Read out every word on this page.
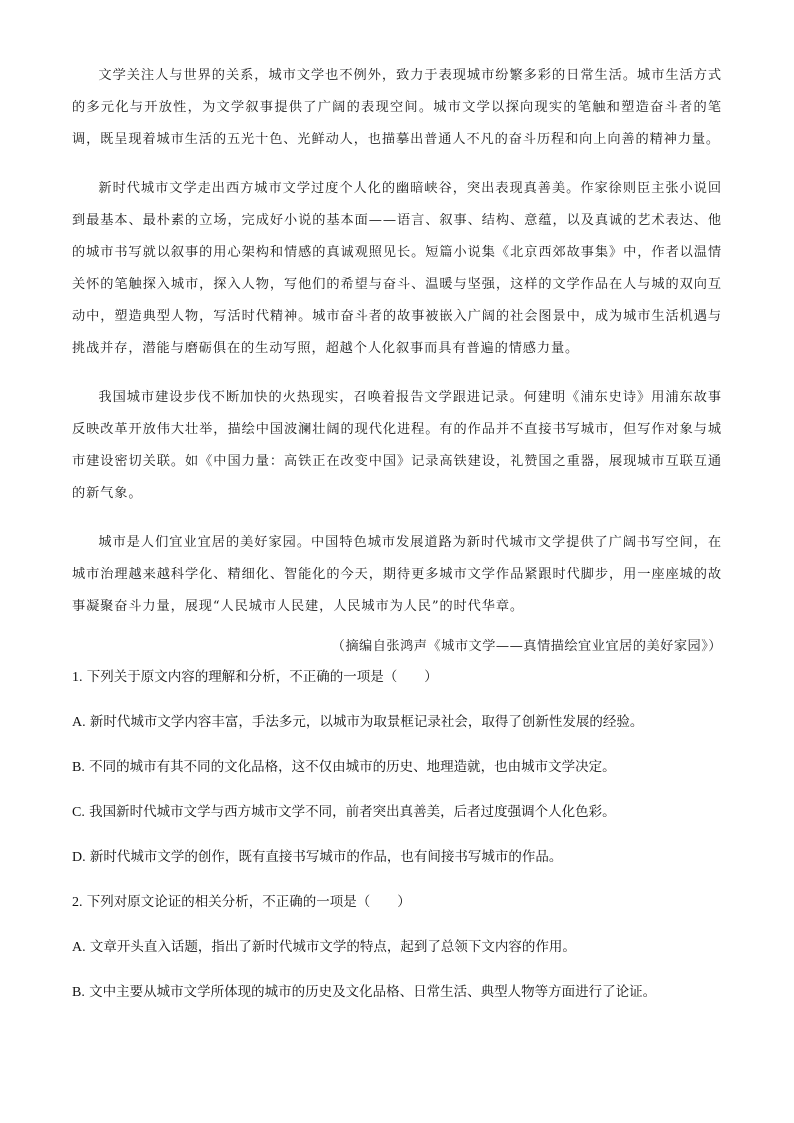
文学关注人与世界的关系，城市文学也不例外，致力于表现城市纷繁多彩的日常生活。城市生活方式的多元化与开放性，为文学叙事提供了广阔的表现空间。城市文学以探向现实的笔触和塑造奋斗者的笔调，既呈现着城市生活的五光十色、光鲜动人，也描摹出普通人不凡的奋斗历程和向上向善的精神力量。

新时代城市文学走出西方城市文学过度个人化的幽暗峡谷，突出表现真善美。作家徐则臣主张小说回到最基本、最朴素的立场，完成好小说的基本面——语言、叙事、结构、意蕴，以及真诚的艺术表达、他的城市书写就以叙事的用心架构和情感的真诚观照见长。短篇小说集《北京西郊故事集》中，作者以温情关怀的笔触探入城市，探入人物，写他们的希望与奋斗、温暖与坚强，这样的文学作品在人与城的双向互动中，塑造典型人物，写活时代精神。城市奋斗者的故事被嵌入广阔的社会图景中，成为城市生活机遇与挑战并存，潜能与磨砺俱在的生动写照，超越个人化叙事而具有普遍的情感力量。

我国城市建设步伐不断加快的火热现实，召唤着报告文学跟进记录。何建明《浦东史诗》用浦东故事反映改革开放伟大壮举，描绘中国波澜壮阔的现代化进程。有的作品并不直接书写城市，但写作对象与城市建设密切关联。如《中国力量：高铁正在改变中国》记录高铁建设，礼赞国之重器，展现城市互联互通的新气象。

城市是人们宜业宜居的美好家园。中国特色城市发展道路为新时代城市文学提供了广阔书写空间，在城市治理越来越科学化、精细化、智能化的今天，期待更多城市文学作品紧跟时代脚步，用一座座城的故事凝聚奋斗力量，展现“人民城市人民建，人民城市为人民”的时代华章。

（摘编自张鸿声《城市文学——真情描绘宜业宜居的美好家园》）

1. 下列关于原文内容的理解和分析，不正确的一项是（　　）
A. 新时代城市文学内容丰富，手法多元，以城市为取景框记录社会，取得了创新性发展的经验。
B. 不同的城市有其不同的文化品格，这不仅由城市的历史、地理造就，也由城市文学决定。
C. 我国新时代城市文学与西方城市文学不同，前者突出真善美，后者过度强调个人化色彩。
D. 新时代城市文学的创作，既有直接书写城市的作品，也有间接书写城市的作品。
2. 下列对原文论证的相关分析，不正确的一项是（　　）
A. 文章开头直入话题，指出了新时代城市文学的特点，起到了总领下文内容的作用。
B. 文中主要从城市文学所体现的城市的历史及文化品格、日常生活、典型人物等方面进行了论证。
